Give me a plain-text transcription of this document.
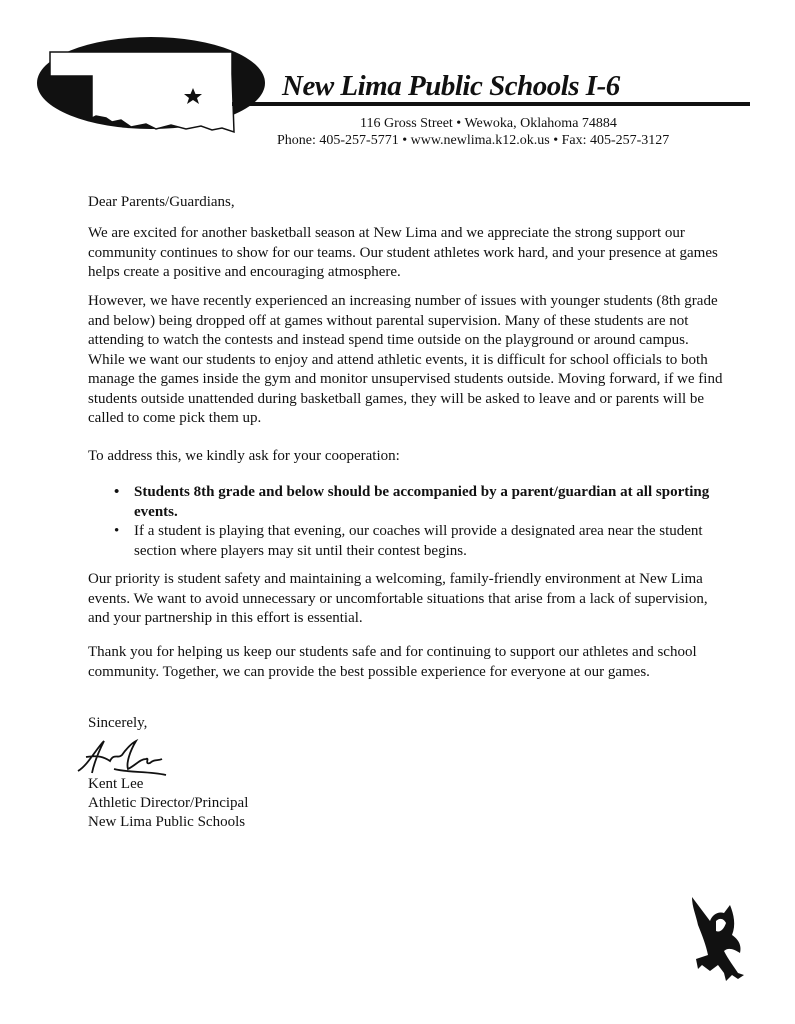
New Lima Public Schools I-6
116 Gross Street • Wewoka, Oklahoma 74884
Phone: 405-257-5771 • www.newlima.k12.ok.us • Fax: 405-257-3127

Dear Parents/Guardians,

We are excited for another basketball season at New Lima and we appreciate the strong support our community continues to show for our teams. Our student athletes work hard, and your presence at games helps create a positive and encouraging atmosphere.

However, we have recently experienced an increasing number of issues with younger students (8th grade and below) being dropped off at games without parental supervision. Many of these students are not attending to watch the contests and instead spend time outside on the playground or around campus. While we want our students to enjoy and attend athletic events, it is difficult for school officials to both manage the games inside the gym and monitor unsupervised students outside. Moving forward, if we find students outside unattended during basketball games, they will be asked to leave and or parents will be called to come pick them up.

To address this, we kindly ask for your cooperation:

• Students 8th grade and below should be accompanied by a parent/guardian at all sporting events.
• If a student is playing that evening, our coaches will provide a designated area near the student section where players may sit until their contest begins.

Our priority is student safety and maintaining a welcoming, family-friendly environment at New Lima events. We want to avoid unnecessary or uncomfortable situations that arise from a lack of supervision, and your partnership in this effort is essential.

Thank you for helping us keep our students safe and for continuing to support our athletes and school community. Together, we can provide the best possible experience for everyone at our games.

Sincerely,

Kent Lee

Athletic Director/Principal

New Lima Public Schools
